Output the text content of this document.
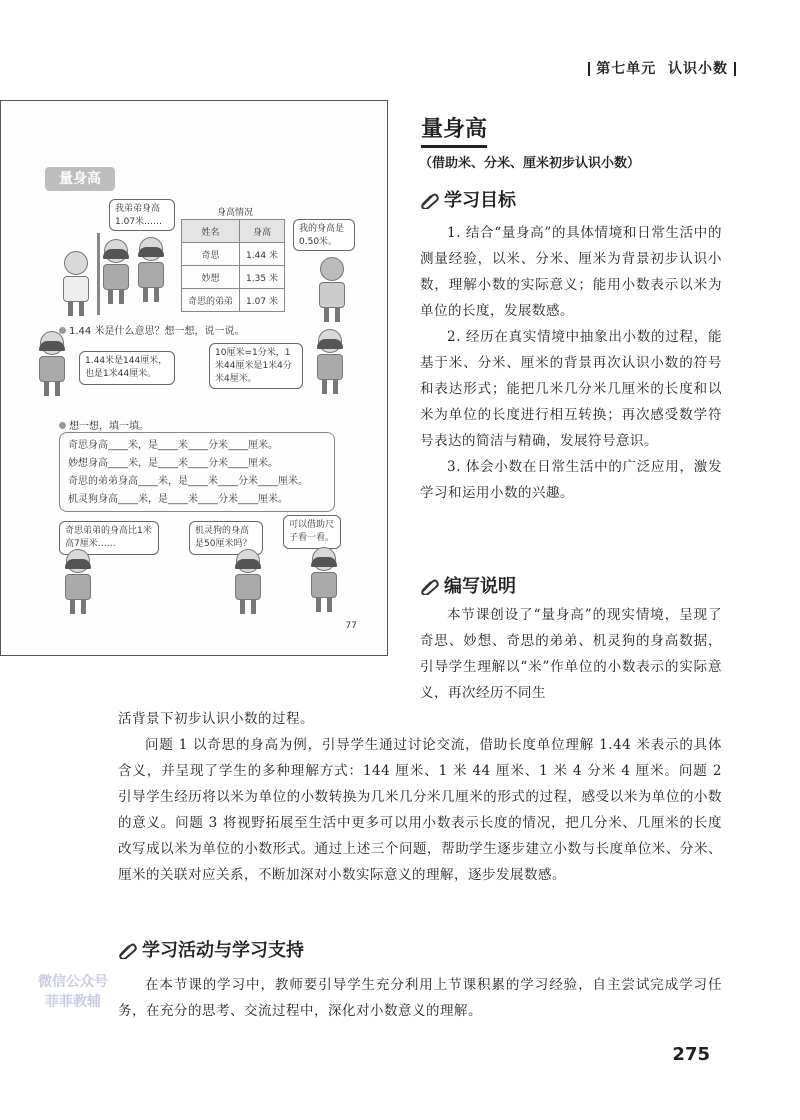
第七单元 认识小数
量身高
我弟弟身高1.07米……
身高情况
姓名	身高
奇思	1.44 米
妙想	1.35 米
奇思的弟弟	1.07 米
我的身高是0.50米。
1.44 米是什么意思？想一想，说一说。
1.44米是144厘米，也是1米44厘米。
10厘米=1分米，1米44厘米是1米4分米4厘米。
想一想，填一填。
奇思身高____米，是____米____分米____厘米。
妙想身高____米，是____米____分米____厘米。
奇思的弟弟身高____米，是____米____分米____厘米。
机灵狗身高____米，是____米____分米____厘米。
奇思弟弟的身高比1米高7厘米……
机灵狗的身高是50厘米吗？
可以借助尺子看一看。
77
量身高
（借助米、分米、厘米初步认识小数）
学习目标

1. 结合“量身高”的具体情境和日常生活中的测量经验，以米、分米、厘米为背景初步认识小数，理解小数的实际意义；能用小数表示以米为单位的长度，发展数感。

2. 经历在真实情境中抽象出小数的过程，能基于米、分米、厘米的背景再次认识小数的符号和表达形式；能把几米几分米几厘米的长度和以米为单位的长度进行相互转换；再次感受数学符号表达的简洁与精确，发展符号意识。

3. 体会小数在日常生活中的广泛应用，激发学习和运用小数的兴趣。

编写说明

本节课创设了“量身高”的现实情境，呈现了奇思、妙想、奇思的弟弟、机灵狗的身高数据，引导学生理解以“米”作单位的小数表示的实际意义，再次经历不同生

活背景下初步认识小数的过程。

问题 1 以奇思的身高为例，引导学生通过讨论交流，借助长度单位理解 1.44 米表示的具体含义，并呈现了学生的多种理解方式：144 厘米、1 米 44 厘米、1 米 4 分米 4 厘米。问题 2 引导学生经历将以米为单位的小数转换为几米几分米几厘米的形式的过程，感受以米为单位的小数的意义。问题 3 将视野拓展至生活中更多可以用小数表示长度的情况，把几分米、几厘米的长度改写成以米为单位的小数形式。通过上述三个问题，帮助学生逐步建立小数与长度单位米、分米、厘米的关联对应关系，不断加深对小数实际意义的理解，逐步发展数感。

学习活动与学习支持

在本节课的学习中，教师要引导学生充分利用上节课积累的学习经验，自主尝试完成学习任务，在充分的思考、交流过程中，深化对小数意义的理解。

微信公众号
菲菲教辅
275
